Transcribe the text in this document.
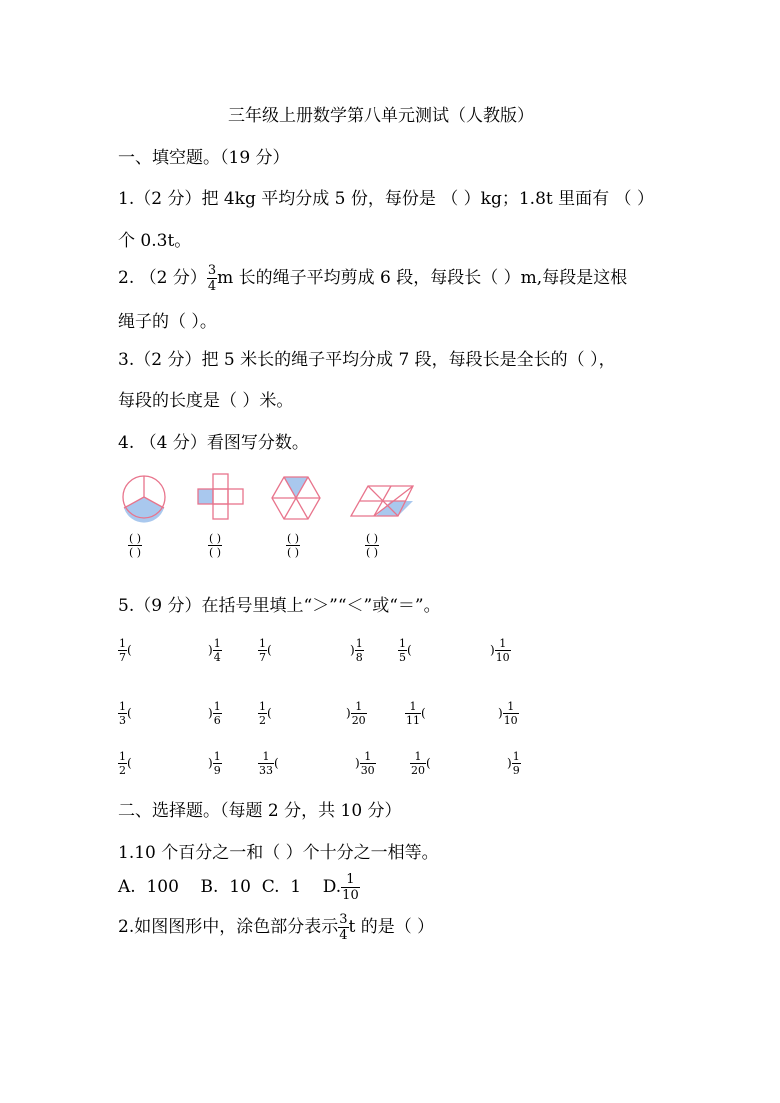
三年级上册数学第八单元测试（人教版）
一、填空题。（19 分）
1.（2 分）把 4kg 平均分成 5 份，每份是 （ ）kg；1.8t 里面有 （ ）
个 0.3t。
2. （2 分） $\frac{3}{4}$ m 长的绳子平均剪成 6 段，每段长（ ）m,每段是这根
绳子的（ ）。
3.（2 分）把 5 米长的绳子平均分成 7 段，每段长是全长的（ ），
每段的长度是（ ）米。
4. （4 分）看图写分数。
$\frac{( )}{( )}$	$\frac{( )}{( )}$	$\frac{( )}{( )}$	$\frac{( )}{( )}$
5.（9 分）在括号里填上“＞”“＜”或“＝”。
$\frac{1}{7}$ (	) $\frac{1}{4}$	$\frac{1}{7}$ (	) $\frac{1}{8}$	$\frac{1}{5}$ (	) $\frac{1}{10}$
$\frac{1}{3}$ (	) $\frac{1}{6}$	$\frac{1}{2}$ (	) $\frac{1}{20}$	$\frac{1}{11}$ (	) $\frac{1}{10}$
$\frac{1}{2}$ (	) $\frac{1}{9}$	$\frac{1}{33}$ (	) $\frac{1}{30}$	$\frac{1}{20}$ (	) $\frac{1}{9}$
二、选择题。（每题 2 分，共 10 分）
1.10 个百分之一和（ ）个十分之一相等。
A.  100    B.  10  C.  1    D. $\frac{1}{10}$
2.如图图形中，涂色部分表示 $\frac{3}{4}$ t 的是（ ）
